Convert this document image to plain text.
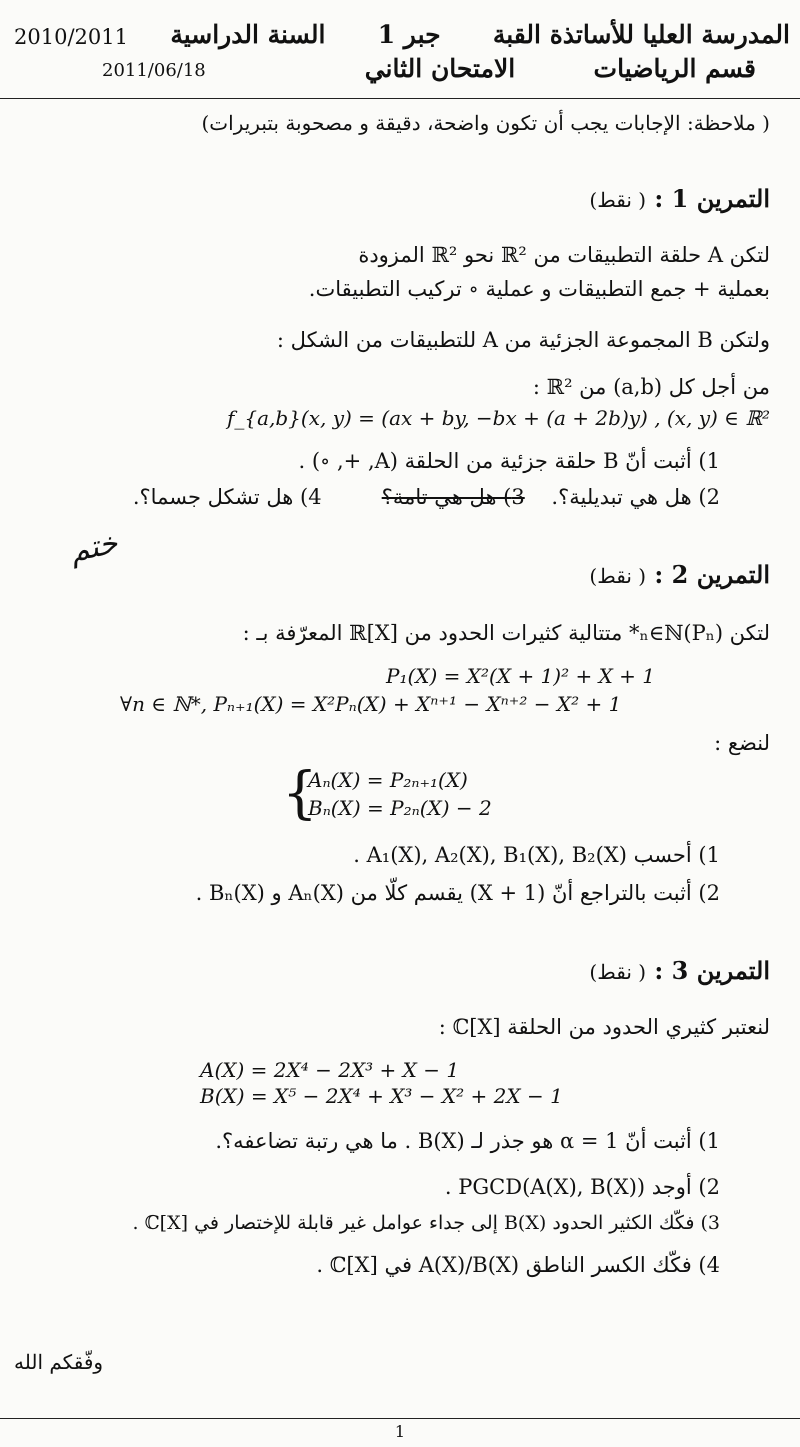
المدرسة العليا للأساتذة القبة      جبر 1      السنة الدراسية
قسم الرياضيات         الامتحان الثاني
2010/2011
2011/06/18
( ملاحظة: الإجابات يجب أن تكون واضحة، دقيقة و مصحوبة بتبريرات)
التمرين 1 : ( نقط)
لتكن A حلقة التطبيقات من ℝ² نحو ℝ² المزودة
بعملية + جمع التطبيقات و عملية ∘ تركيب التطبيقات.
ولتكن B المجموعة الجزئية من A للتطبيقات من الشكل :
من أجل كل (a,b) من ℝ² :
f_{a,b}(x, y) = (ax + by, −bx + (a + 2b)y) , (x, y) ∈ ℝ²
1) أثبت أنّ B حلقة جزئية من الحلقة (A, +, ∘) .
2) هل هي تبديلية؟.    3) هل هي تامة؟         4) هل تشكل جسما؟.
ختم
التمرين 2 : ( نقط)
لتكن (Pₙ)ₙ∈ℕ* متتالية كثيرات الحدود من ℝ[X] المعرّفة بـ :
P₁(X) = X²(X + 1)² + X + 1
∀n ∈ ℕ*, Pₙ₊₁(X) = X²Pₙ(X) + Xⁿ⁺¹ − Xⁿ⁺² − X² + 1
لنضع :
{
Aₙ(X) = P₂ₙ₊₁(X)
Bₙ(X) = P₂ₙ(X) − 2
1) أحسب A₁(X), A₂(X), B₁(X), B₂(X) .
2) أثبت بالتراجع أنّ (X + 1) يقسم كلّا من Aₙ(X) و Bₙ(X) .
التمرين 3 : ( نقط)
لنعتبر كثيري الحدود من الحلقة ℂ[X] :
A(X) = 2X⁴ − 2X³ + X − 1
B(X) = X⁵ − 2X⁴ + X³ − X² + 2X − 1
1) أثبت أنّ α = 1 هو جذر لـ B(X) . ما هي رتبة تضاعفه؟.
2) أوجد PGCD(A(X), B(X)) .
3) فكّك الكثير الحدود B(X) إلى جداء عوامل غير قابلة للإختصار في ℂ[X] .
4) فكّك الكسر الناطق A(X)/B(X) في ℂ[X] .
وفّقكم الله
1
